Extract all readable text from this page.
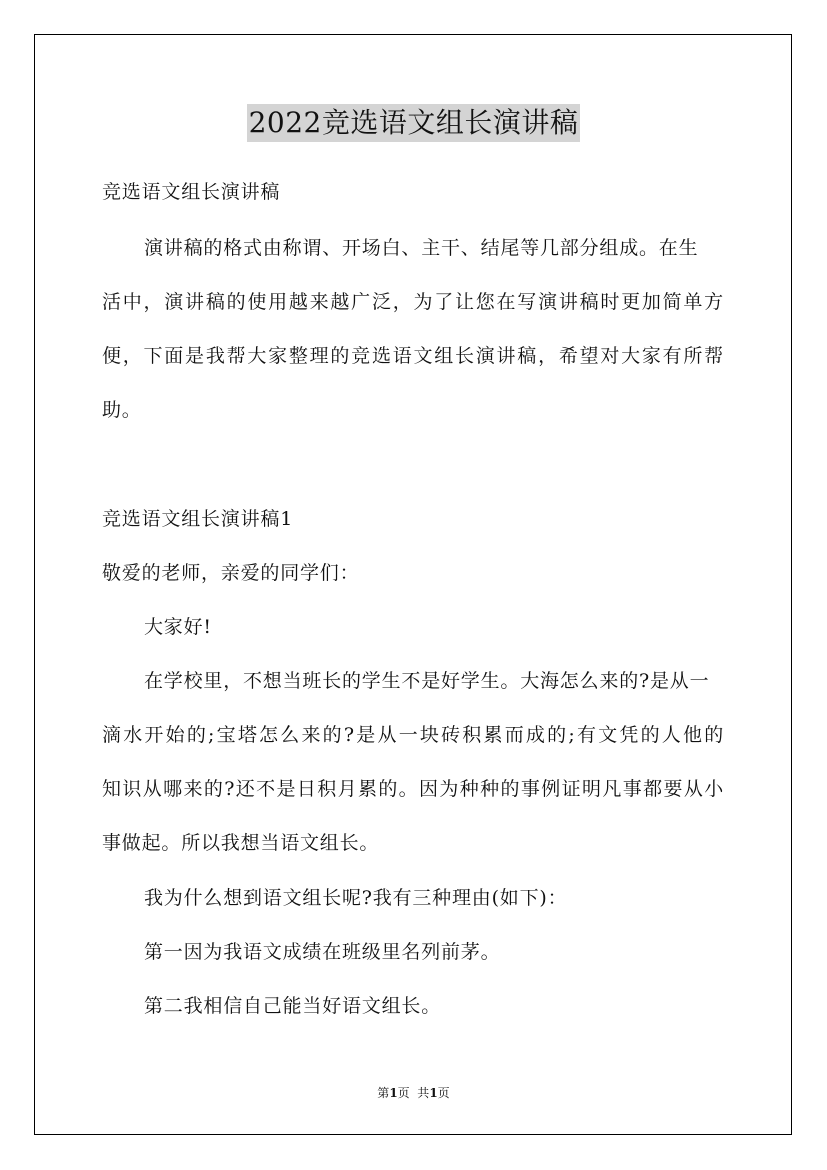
2022竞选语文组长演讲稿
竞选语文组长演讲稿
演讲稿的格式由称谓、开场白、主干、结尾等几部分组成。在生
活中，演讲稿的使用越来越广泛，为了让您在写演讲稿时更加简单方
便，下面是我帮大家整理的竞选语文组长演讲稿，希望对大家有所帮
助。
竞选语文组长演讲稿1
敬爱的老师，亲爱的同学们：
大家好!
在学校里，不想当班长的学生不是好学生。大海怎么来的?是从一
滴水开始的;宝塔怎么来的?是从一块砖积累而成的;有文凭的人他的
知识从哪来的?还不是日积月累的。因为种种的事例证明凡事都要从小
事做起。所以我想当语文组长。
我为什么想到语文组长呢?我有三种理由(如下)：
第一因为我语文成绩在班级里名列前茅。
第二我相信自己能当好语文组长。
第1页  共1页
